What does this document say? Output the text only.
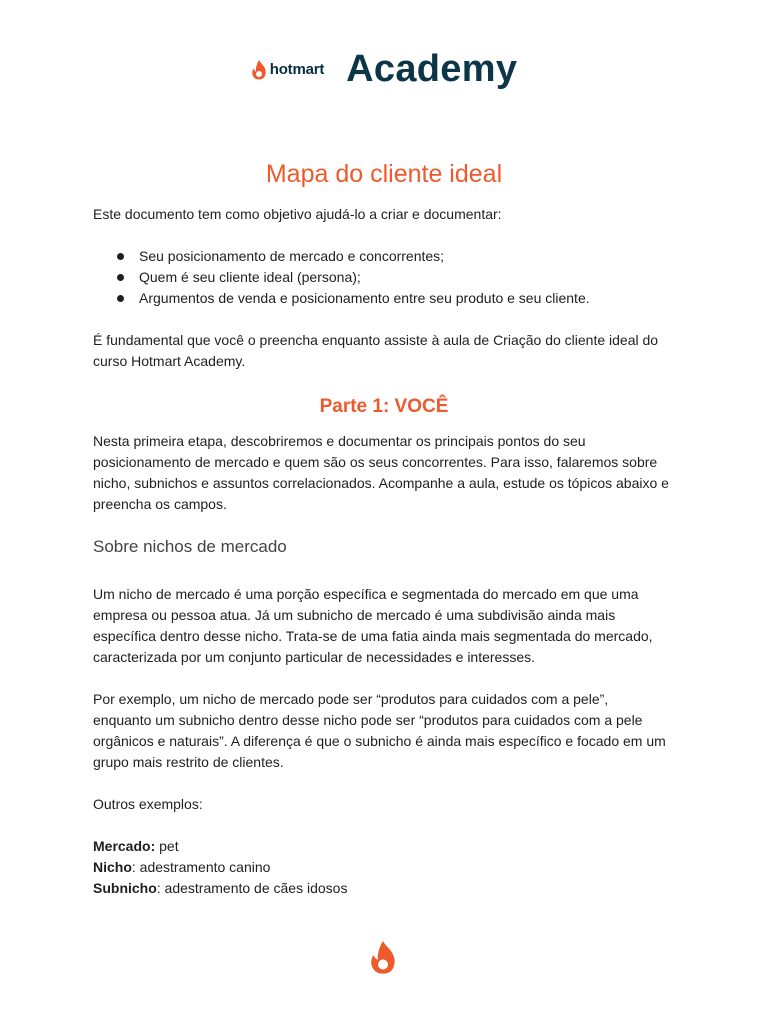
hotmart Academy
Mapa do cliente ideal

Este documento tem como objetivo ajudá-lo a criar e documentar:

Seu posicionamento de mercado e concorrentes;
Quem é seu cliente ideal (persona);
Argumentos de venda e posicionamento entre seu produto e seu cliente.

É fundamental que você o preencha enquanto assiste à aula de Criação do cliente ideal do curso Hotmart Academy.

Parte 1: VOCÊ

Nesta primeira etapa, descobriremos e documentar os principais pontos do seu posicionamento de mercado e quem são os seus concorrentes. Para isso, falaremos sobre nicho, subnichos e assuntos correlacionados. Acompanhe a aula, estude os tópicos abaixo e preencha os campos.

Sobre nichos de mercado

Um nicho de mercado é uma porção específica e segmentada do mercado em que uma empresa ou pessoa atua. Já um subnicho de mercado é uma subdivisão ainda mais específica dentro desse nicho. Trata-se de uma fatia ainda mais segmentada do mercado, caracterizada por um conjunto particular de necessidades e interesses.

Por exemplo, um nicho de mercado pode ser “produtos para cuidados com a pele”, enquanto um subnicho dentro desse nicho pode ser “produtos para cuidados com a pele orgânicos e naturais”. A diferença é que o subnicho é ainda mais específico e focado em um grupo mais restrito de clientes.

Outros exemplos:

Mercado: pet
Nicho: adestramento canino
Subnicho: adestramento de cães idosos
